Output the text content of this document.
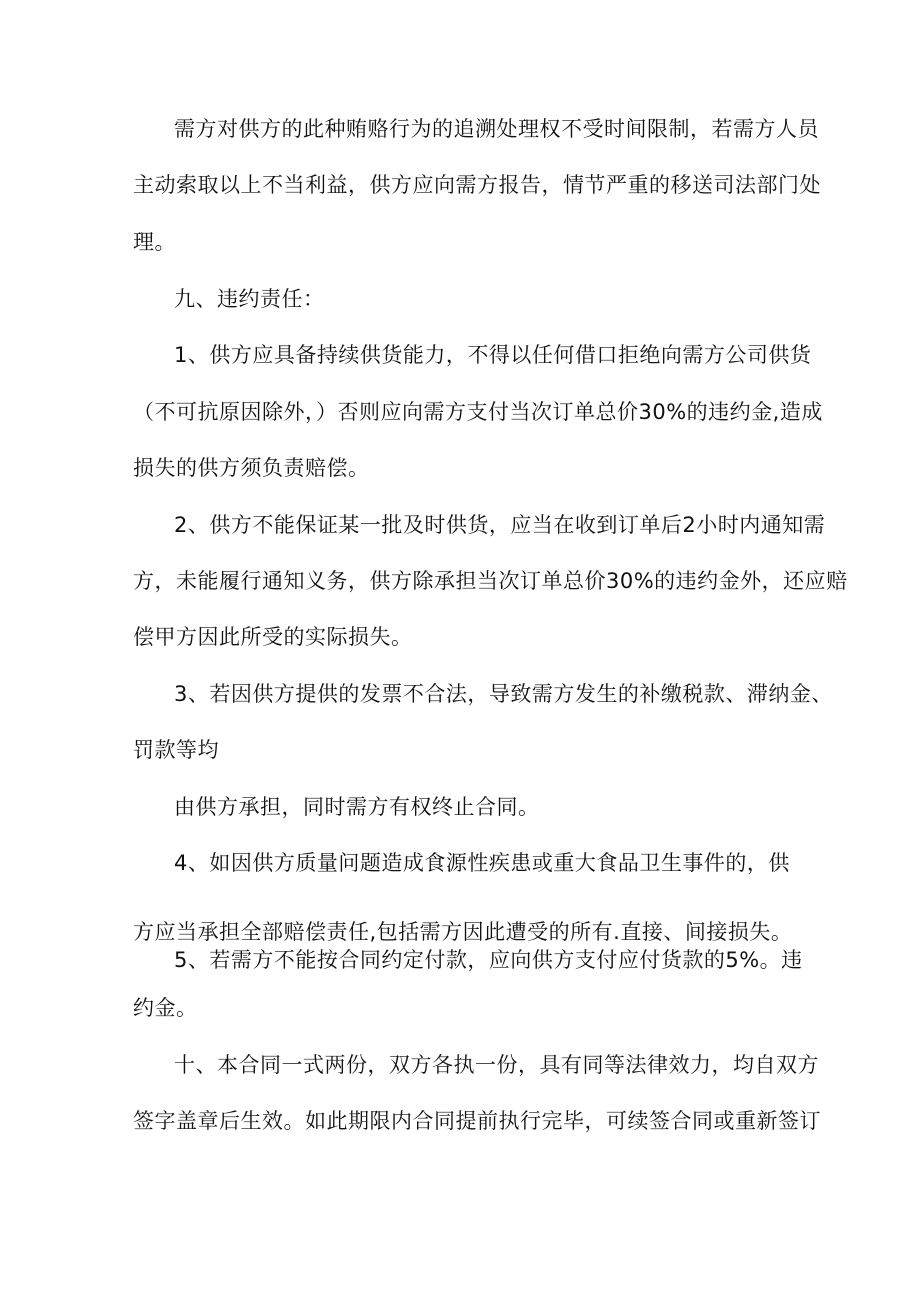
需方对供方的此种贿赂行为的追溯处理权不受时间限制，若需方人员

主动索取以上不当利益，供方应向需方报告，情节严重的移送司法部门处

理。

九、违约责任：

1、供方应具备持续供货能力，不得以任何借口拒绝向需方公司供货

（不可抗原因除外，）否则应向需方支付当次订单总价30%的违约金,造成

损失的供方须负责赔偿。

2、供方不能保证某一批及时供货，应当在收到订单后2小时内通知需

方，未能履行通知义务，供方除承担当次订单总价30%的违约金外，还应赔

偿甲方因此所受的实际损失。

3、若因供方提供的发票不合法，导致需方发生的补缴税款、滞纳金、

罚款等均

由供方承担，同时需方有权终止合同。

4、如因供方质量问题造成食源性疾患或重大食品卫生事件的，供

方应当承担全部赔偿责任,包括需方因此遭受的所有.直接、间接损失。

5、若需方不能按合同约定付款，应向供方支付应付货款的5%。违

约金。

十、本合同一式两份，双方各执一份，具有同等法律效力，均自双方

签字盖章后生效。如此期限内合同提前执行完毕，可续签合同或重新签订
